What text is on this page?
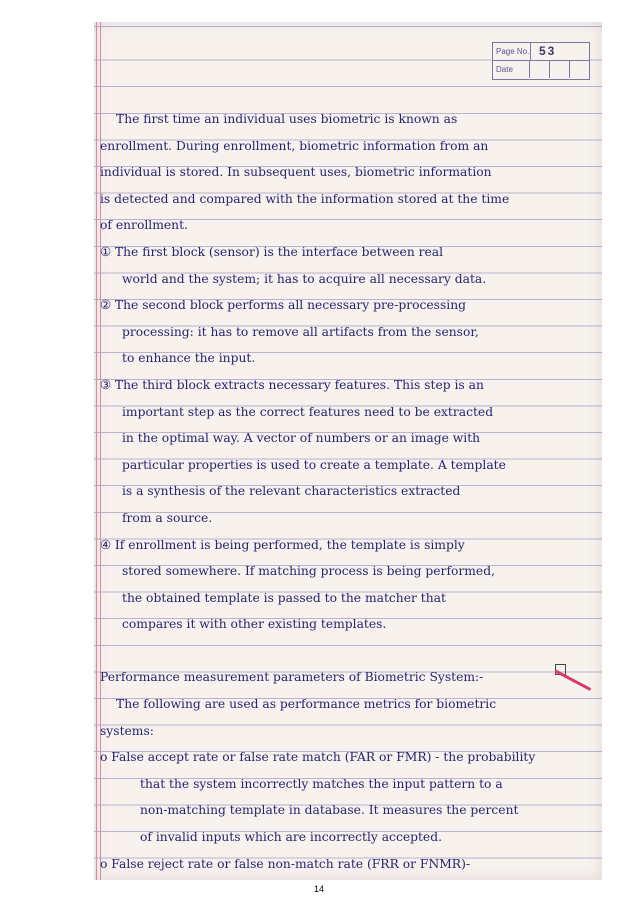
Page No. 53
Date
The first time an individual uses biometric is known as
enrollment. During enrollment, biometric information from an
individual is stored. In subsequent uses, biometric information
is detected and compared with the information stored at the time
of enrollment.
① The first block (sensor) is the interface between real
world and the system; it has to acquire all necessary data.
② The second block performs all necessary pre-processing
processing: it has to remove all artifacts from the sensor,
to enhance the input.
③ The third block extracts necessary features. This step is an
important step as the correct features need to be extracted
in the optimal way. A vector of numbers or an image with
particular properties is used to create a template. A template
is a synthesis of the relevant characteristics extracted
from a source.
④ If enrollment is being performed, the template is simply
stored somewhere. If matching process is being performed,
the obtained template is passed to the matcher that
compares it with other existing templates.
Performance measurement parameters of Biometric System:-
The following are used as performance metrics for biometric
systems:
o False accept rate or false rate match (FAR or FMR) - the probability
that the system incorrectly matches the input pattern to a
non-matching template in database. It measures the percent
of invalid inputs which are incorrectly accepted.
o False reject rate or false non-match rate (FRR or FNMR)-
14
